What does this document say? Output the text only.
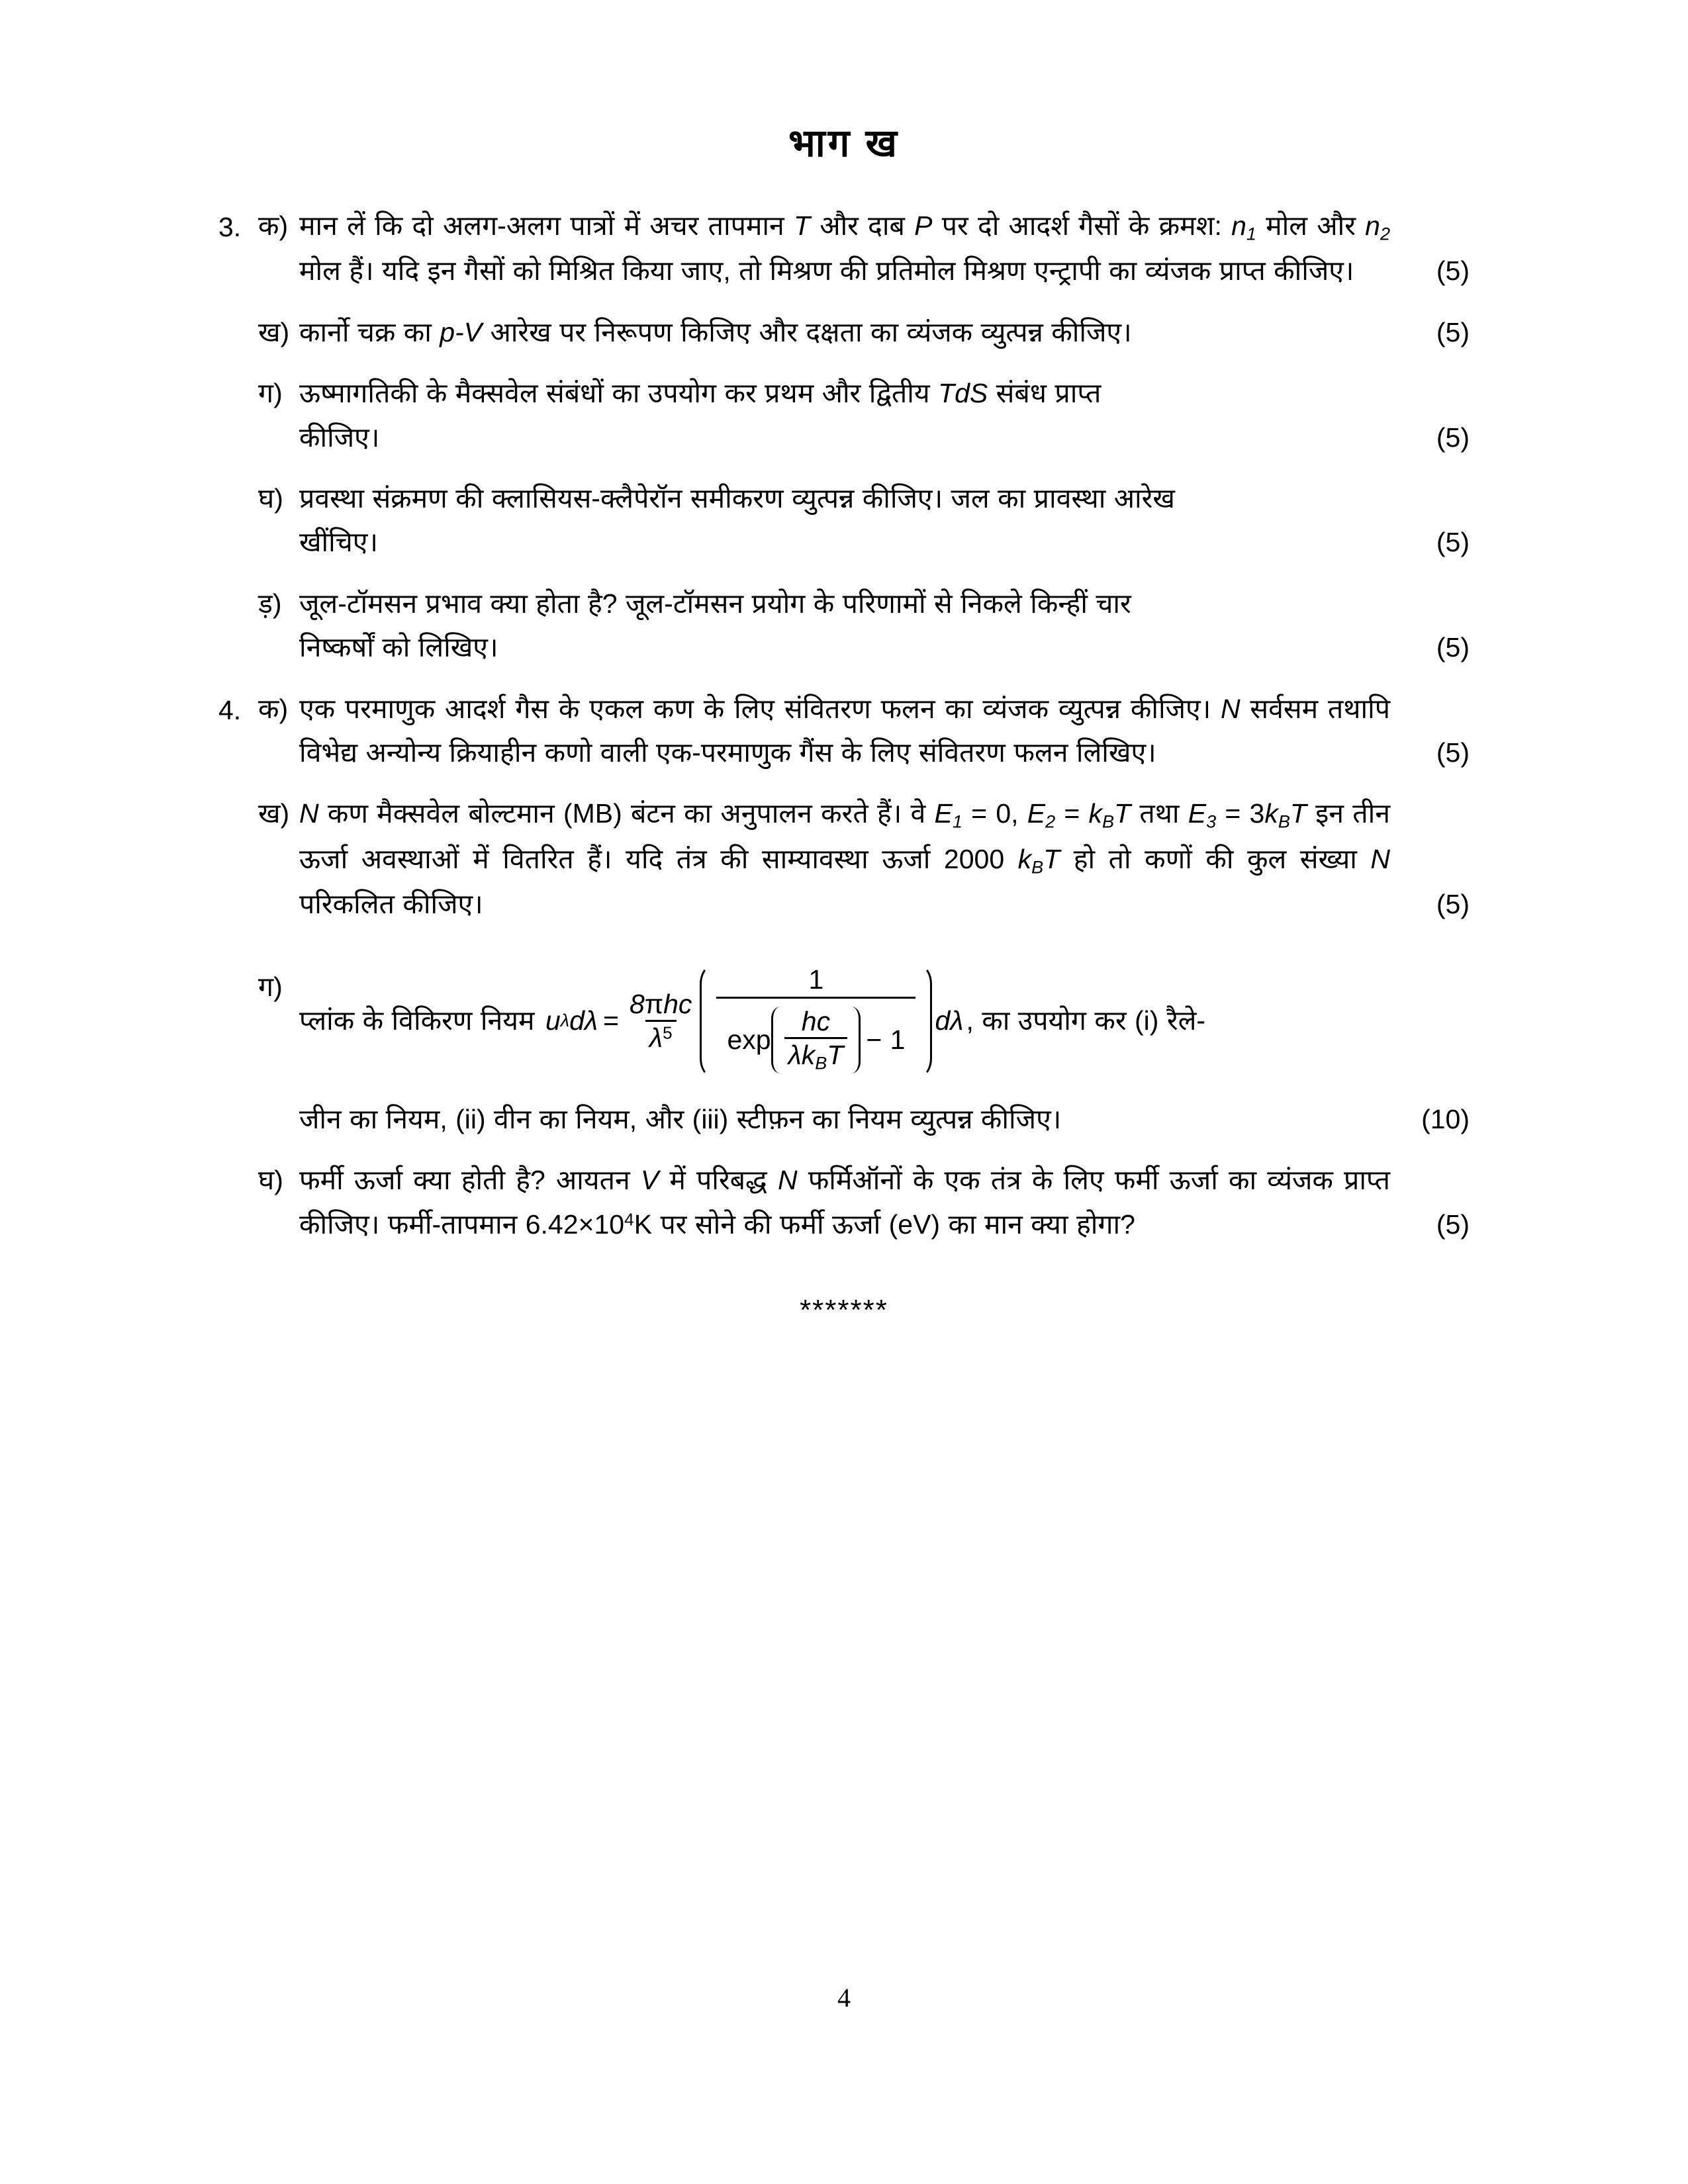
भाग ख
3. क) मान लें कि दो अलग-अलग पात्रों में अचर तापमान T और दाब P पर दो आदर्श गैसों के क्रमश: $n_1$ मोल और $n_2$ मोल हैं। यदि इन गैसों को मिश्रित किया जाए, तो मिश्रण की प्रतिमोल मिश्रण एन्ट्रापी का व्यंजक प्राप्त कीजिए।	(5)
ख) कार्नो चक्र का p-V आरेख पर निरूपण किजिए और दक्षता का व्यंजक व्युत्पन्न कीजिए।	(5)
ग) ऊष्मागतिकी के मैक्सवेल संबंधों का उपयोग कर प्रथम और द्वितीय TdS संबंध प्राप्त
कीजिए।	(5)
घ) प्रवस्था संक्रमण की क्लासियस-क्लैपेरॉन समीकरण व्युत्पन्न कीजिए। जल का प्रावस्था आरेख
खींचिए।	(5)
ड़) जूल-टॉमसन प्रभाव क्या होता है? जूल-टॉमसन प्रयोग के परिणामों से निकले किन्हीं चार
निष्कर्षों को लिखिए।	(5)
4. क) एक परमाणुक आदर्श गैस के एकल कण के लिए संवितरण फलन का व्यंजक व्युत्पन्न कीजिए। N सर्वसम तथापि विभेद्य अन्योन्य क्रियाहीन कणो वाली एक-परमाणुक गैंस के लिए संवितरण फलन लिखिए।	(5)
ख) N कण मैक्सवेल बोल्टमान (MB) बंटन का अनुपालन करते हैं। वे $E_1 = 0$, $E_2 = k_BT$ तथा $E_3 = 3k_BT$ इन तीन ऊर्जा अवस्थाओं में वितरित हैं। यदि तंत्र की साम्यावस्था ऊर्जा 2000 $k_BT$ हो तो कणों की कुल संख्या N परिकलित कीजिए।	(5)
ग)
प्लांक के विकिरण नियम
u λ $d\lambda = \frac{\text{8πhc}}{\lambda^5}$
1
$\exp \frac{hc}{\lambda k_BT} - 1$
dλ , का उपयोग कर (i) रैले-

जीन का नियम, (ii) वीन का नियम, और (iii) स्टीफ़न का नियम व्युत्पन्न कीजिए।	(10)
घ) फर्मी ऊर्जा क्या होती है? आयतन V में परिबद्ध N फर्मिऑनों के एक तंत्र के लिए फर्मी ऊर्जा का व्यंजक प्राप्त कीजिए। फर्मी-तापमान $6.42\times 10^4K$ पर सोने की फर्मी ऊर्जा (eV) का मान क्या होगा?	(5)
*******
4
